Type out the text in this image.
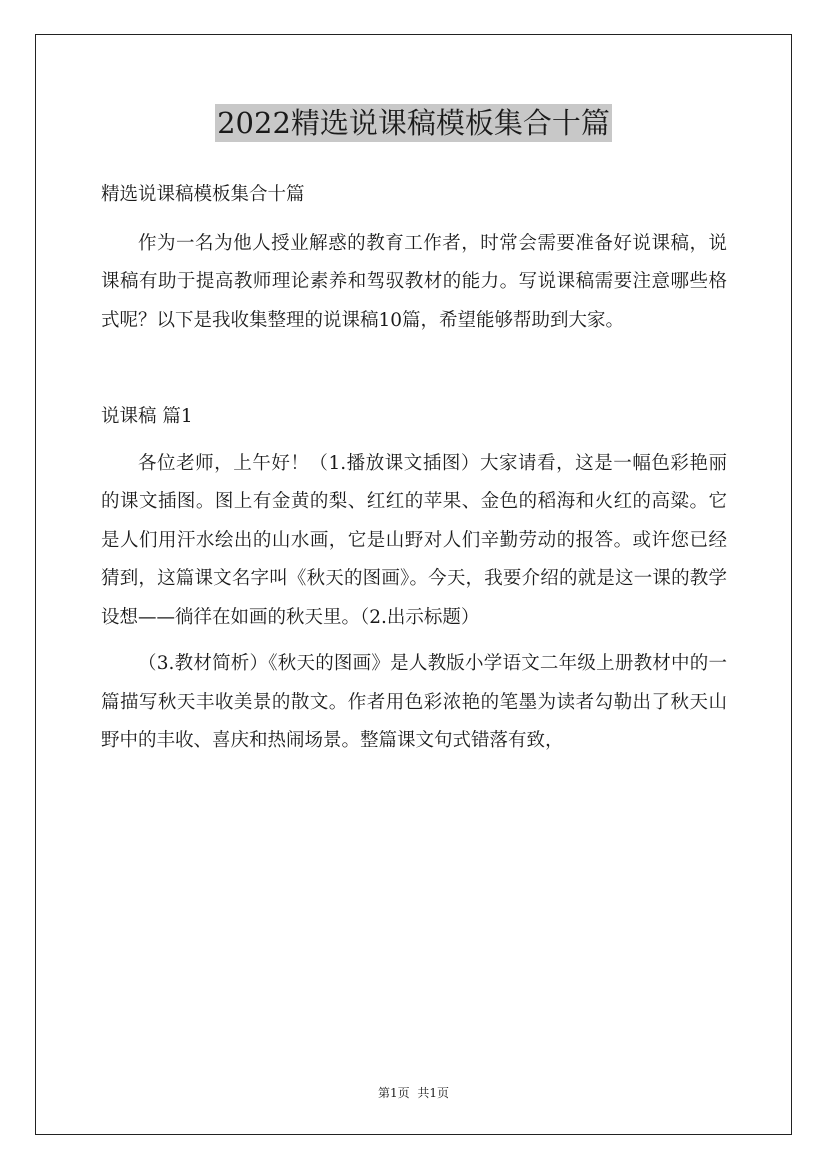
2022精选说课稿模板集合十篇

精选说课稿模板集合十篇

作为一名为他人授业解惑的教育工作者，时常会需要准备好说课稿，说课稿有助于提高教师理论素养和驾驭教材的能力。写说课稿需要注意哪些格式呢？以下是我收集整理的说课稿10篇，希望能够帮助到大家。

说课稿 篇1

各位老师，上午好！（1.播放课文插图）大家请看，这是一幅色彩艳丽的课文插图。图上有金黄的梨、红红的苹果、金色的稻海和火红的高粱。它是人们用汗水绘出的山水画，它是山野对人们辛勤劳动的报答。或许您已经猜到，这篇课文名字叫《秋天的图画》。今天，我要介绍的就是这一课的教学设想——徜徉在如画的秋天里。（2.出示标题）

（3.教材简析）《秋天的图画》是人教版小学语文二年级上册教材中的一篇描写秋天丰收美景的散文。作者用色彩浓艳的笔墨为读者勾勒出了秋天山野中的丰收、喜庆和热闹场景。整篇课文句式错落有致，

第1页 共1页
